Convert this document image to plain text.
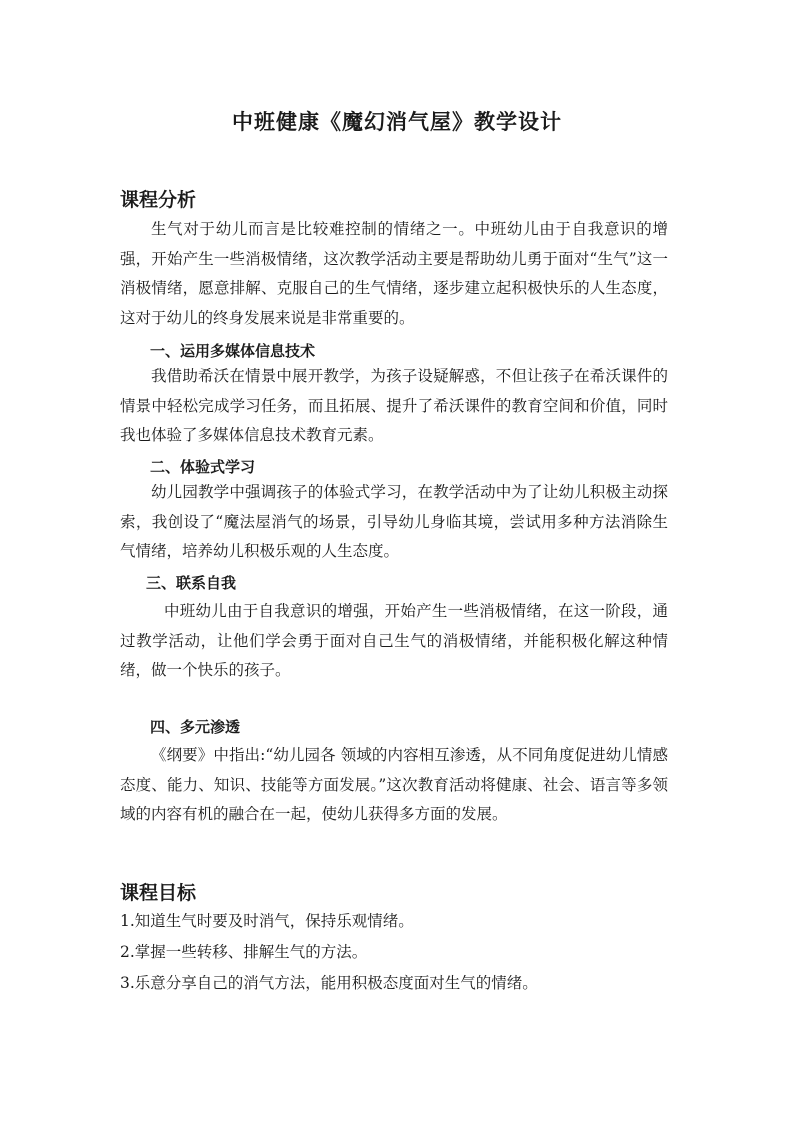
中班健康《魔幻消气屋》教学设计
课程分析
生气对于幼儿而言是比较难控制的情绪之一。中班幼儿由于自我意识的增强，开始产生一些消极情绪，这次教学活动主要是帮助幼儿勇于面对“生气”这一消极情绪，愿意排解、克服自己的生气情绪，逐步建立起积极快乐的人生态度，这对于幼儿的终身发展来说是非常重要的。
一、运用多媒体信息技术
我借助希沃在情景中展开教学，为孩子设疑解惑，不但让孩子在希沃课件的情景中轻松完成学习任务，而且拓展、提升了希沃课件的教育空间和价值，同时我也体验了多媒体信息技术教育元素。
二、体验式学习
幼儿园教学中强调孩子的体验式学习，在教学活动中为了让幼儿积极主动探索，我创设了“魔法屋消气的场景，引导幼儿身临其境，尝试用多种方法消除生气情绪，培养幼儿积极乐观的人生态度。
三、联系自我
中班幼儿由于自我意识的增强，开始产生一些消极情绪，在这一阶段，通过教学活动，让他们学会勇于面对自己生气的消极情绪，并能积极化解这种情绪，做一个快乐的孩子。
四、多元渗透
《纲要》中指出:“幼儿园各 领域的内容相互渗透，从不同角度促进幼儿情感态度、能力、知识、技能等方面发展。”这次教育活动将健康、社会、语言等多领域的内容有机的融合在一起，使幼儿获得多方面的发展。
课程目标
1.知道生气时要及时消气，保持乐观情绪。
2.掌握一些转移、排解生气的方法。
3.乐意分享自己的消气方法，能用积极态度面对生气的情绪。
